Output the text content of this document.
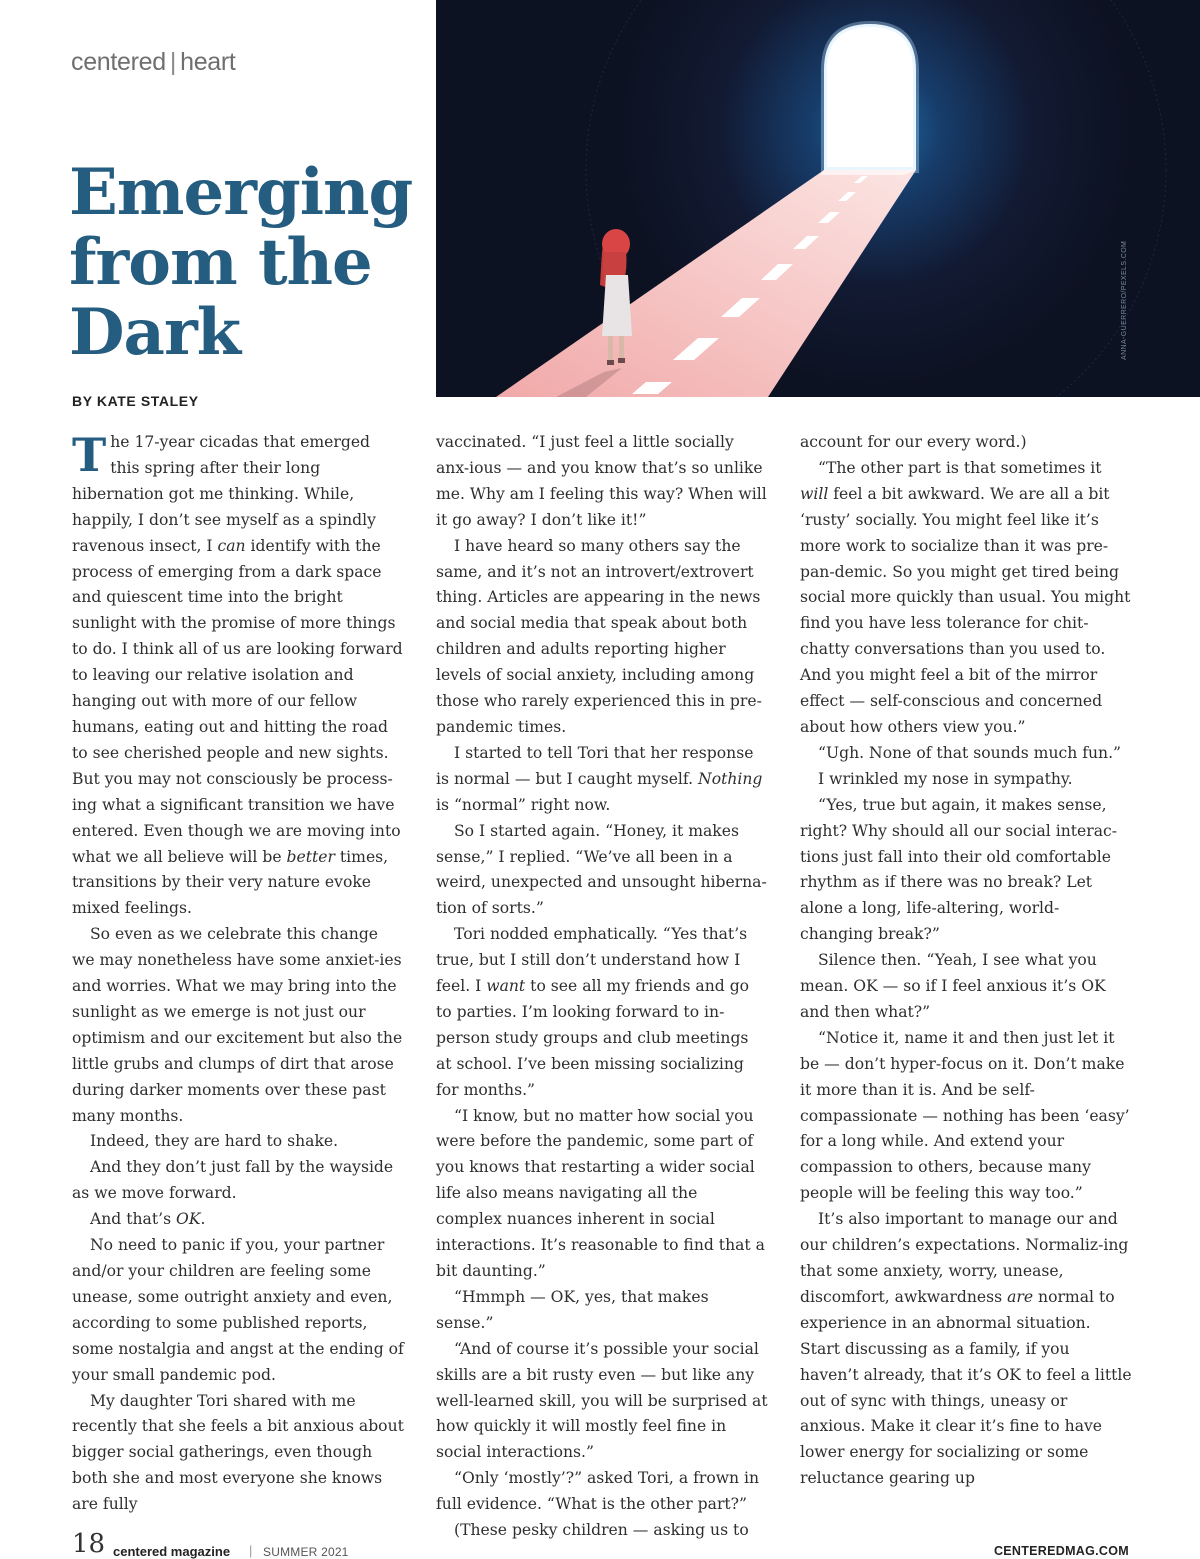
centered | heart
Emerging
from the
Dark
BY KATE STALEY
ANNA-GUERRERO/PEXELS.COM

The 17-year cicadas that emerged this spring after their long hibernation got me thinking. While, happily, I don’t see myself as a spindly ravenous insect, I can identify with the process of emerging from a dark space and quiescent time into the bright sunlight with the promise of more things to do. I think all of us are looking forward to leaving our relative isolation and hanging out with more of our fellow humans, eating out and hitting the road to see cherished people and new sights. But you may not consciously be process-ing what a significant transition we have entered. Even though we are moving into what we all believe will be better times, transitions by their very nature evoke mixed feelings.

So even as we celebrate this change we may nonetheless have some anxiet-ies and worries. What we may bring into the sunlight as we emerge is not just our optimism and our excitement but also the little grubs and clumps of dirt that arose during darker moments over these past many months.

Indeed, they are hard to shake.

And they don’t just fall by the wayside as we move forward.

And that’s OK.

No need to panic if you, your partner and/or your children are feeling some unease, some outright anxiety and even, according to some published reports, some nostalgia and angst at the ending of your small pandemic pod.

My daughter Tori shared with me recently that she feels a bit anxious about bigger social gatherings, even though both she and most everyone she knows are fully

vaccinated. “I just feel a little socially anx-ious — and you know that’s so unlike me. Why am I feeling this way? When will it go away? I don’t like it!”

I have heard so many others say the same, and it’s not an introvert/extrovert thing. Articles are appearing in the news and social media that speak about both children and adults reporting higher levels of social anxiety, including among those who rarely experienced this in pre-pandemic times.

I started to tell Tori that her response is normal — but I caught myself. Nothing is “normal” right now.

So I started again. “Honey, it makes sense,” I replied. “We’ve all been in a weird, unexpected and unsought hiberna-tion of sorts.”

Tori nodded emphatically. “Yes that’s true, but I still don’t understand how I feel. I want to see all my friends and go to parties. I’m looking forward to in-person study groups and club meetings at school. I’ve been missing socializing for months.”

“I know, but no matter how social you were before the pandemic, some part of you knows that restarting a wider social life also means navigating all the complex nuances inherent in social interactions. It’s reasonable to find that a bit daunting.”

“Hmmph — OK, yes, that makes sense.”

“And of course it’s possible your social skills are a bit rusty even — but like any well-learned skill, you will be surprised at how quickly it will mostly feel fine in social interactions.”

“Only ‘mostly’?” asked Tori, a frown in full evidence. “What is the other part?”

(These pesky children — asking us to

account for our every word.)

“The other part is that sometimes it will feel a bit awkward. We are all a bit ‘rusty’ socially. You might feel like it’s more work to socialize than it was pre-pan-demic. So you might get tired being social more quickly than usual. You might find you have less tolerance for chit-chatty conversations than you used to. And you might feel a bit of the mirror effect — self-conscious and concerned about how others view you.”

“Ugh. None of that sounds much fun.”

I wrinkled my nose in sympathy.

“Yes, true but again, it makes sense, right? Why should all our social interac-tions just fall into their old comfortable rhythm as if there was no break? Let alone a long, life-altering, world-changing break?”

Silence then. “Yeah, I see what you mean. OK — so if I feel anxious it’s OK and then what?”

“Notice it, name it and then just let it be — don’t hyper-focus on it. Don’t make it more than it is. And be self-compassionate — nothing has been ‘easy’ for a long while. And extend your compassion to others, because many people will be feeling this way too.”

It’s also important to manage our and our children’s expectations. Normaliz-ing that some anxiety, worry, unease, discomfort, awkwardness are normal to experience in an abnormal situation. Start discussing as a family, if you haven’t already, that it’s OK to feel a little out of sync with things, uneasy or anxious. Make it clear it’s fine to have lower energy for socializing or some reluctance gearing up

18 centered magazine | SUMMER 2021	CENTEREDMAG.COM
